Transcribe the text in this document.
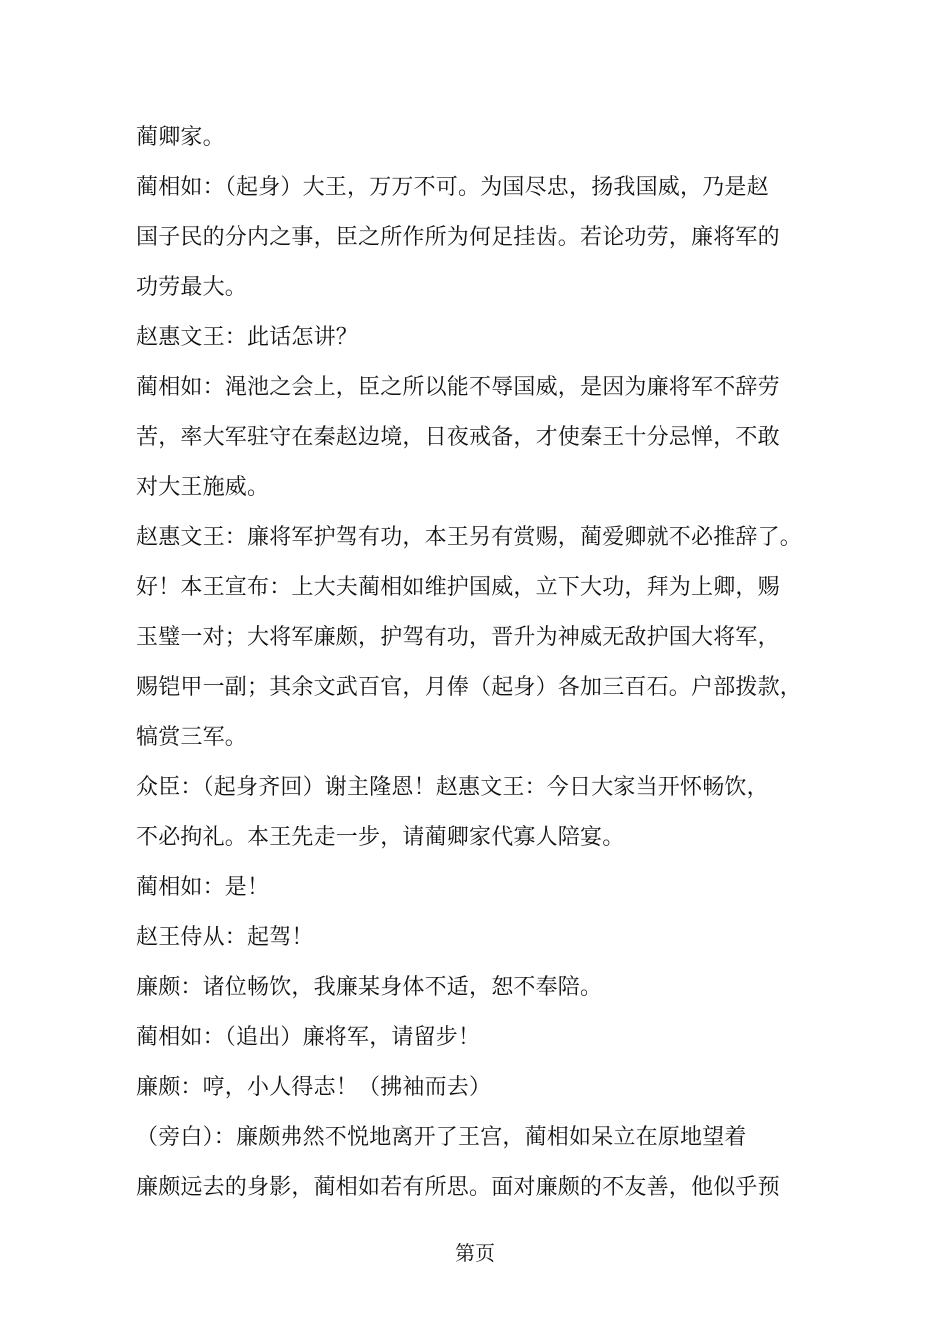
蔺卿家。
蔺相如：（起身）大王，万万不可。为国尽忠，扬我国威，乃是赵
国子民的分内之事，臣之所作所为何足挂齿。若论功劳，廉将军的
功劳最大。
赵惠文王：此话怎讲？
蔺相如：渑池之会上，臣之所以能不辱国威，是因为廉将军不辞劳
苦，率大军驻守在秦赵边境，日夜戒备，才使秦王十分忌惮，不敢
对大王施威。
赵惠文王：廉将军护驾有功，本王另有赏赐，蔺爱卿就不必推辞了。
好！本王宣布：上大夫蔺相如维护国威，立下大功，拜为上卿，赐
玉璧一对；大将军廉颇，护驾有功，晋升为神威无敌护国大将军，
赐铠甲一副；其余文武百官，月俸（起身）各加三百石。户部拨款，
犒赏三军。
众臣：（起身齐回）谢主隆恩！赵惠文王：今日大家当开怀畅饮，
不必拘礼。本王先走一步，请蔺卿家代寡人陪宴。
蔺相如：是！
赵王侍从：起驾！
廉颇：诸位畅饮，我廉某身体不适，恕不奉陪。
蔺相如：（追出）廉将军，请留步！
廉颇：哼，小人得志！（拂袖而去）
（旁白）：廉颇弗然不悦地离开了王宫，蔺相如呆立在原地望着
廉颇远去的身影，蔺相如若有所思。面对廉颇的不友善，他似乎预
第页
